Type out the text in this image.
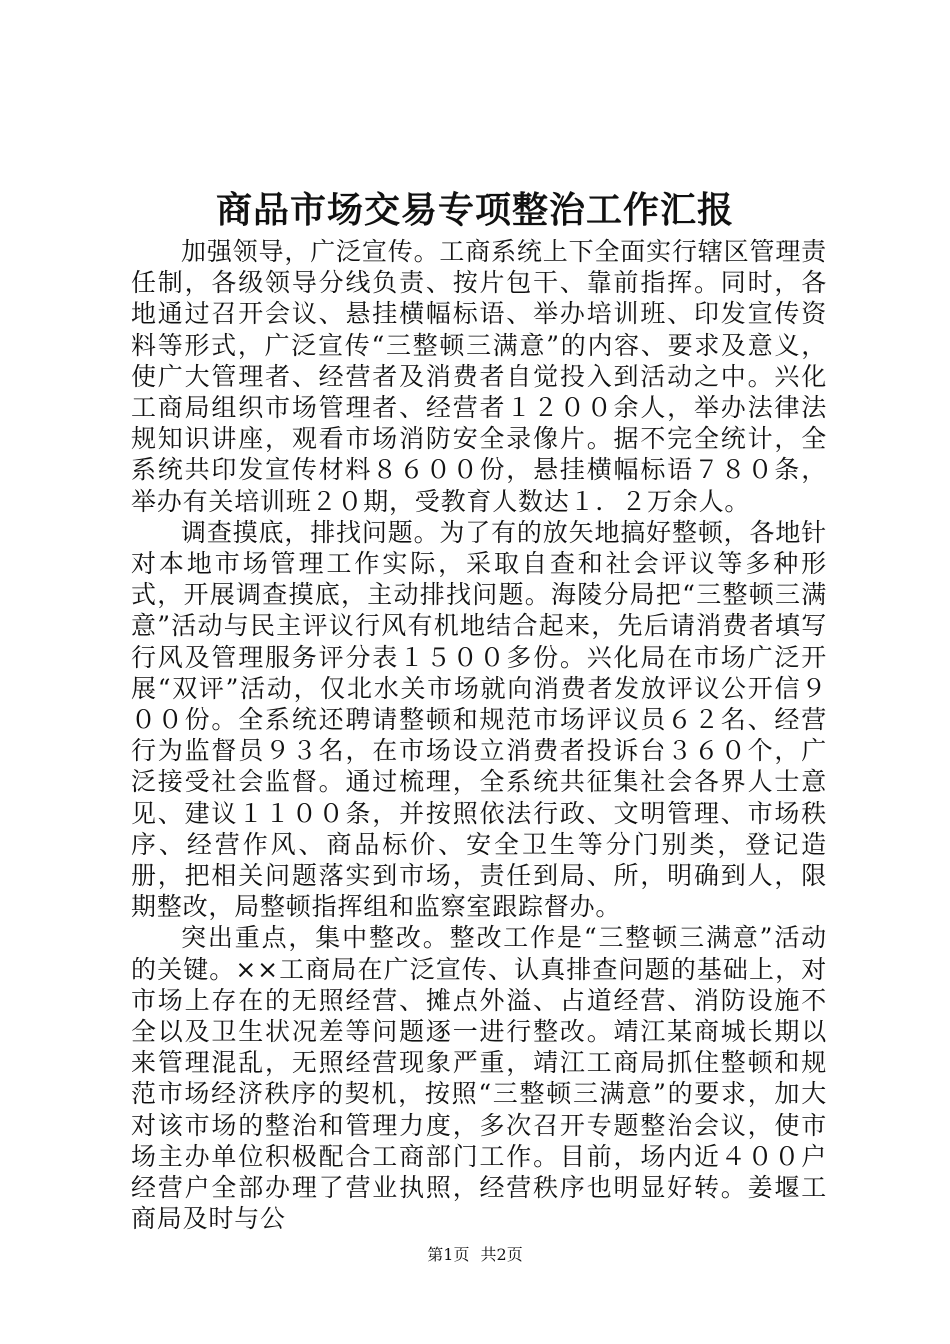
商品市场交易专项整治工作汇报

加强领导，广泛宣传。工商系统上下全面实行辖区管理责任制，各级领导分线负责、按片包干、靠前指挥。同时，各地通过召开会议、悬挂横幅标语、举办培训班、印发宣传资料等形式，广泛宣传“三整顿三满意”的内容、要求及意义，使广大管理者、经营者及消费者自觉投入到活动之中。兴化工商局组织市场管理者、经营者１２００余人，举办法律法规知识讲座，观看市场消防安全录像片。据不完全统计，全系统共印发宣传材料８６００份，悬挂横幅标语７８０条，举办有关培训班２０期，受教育人数达１．２万余人。

调查摸底，排找问题。为了有的放矢地搞好整顿，各地针对本地市场管理工作实际，采取自查和社会评议等多种形式，开展调查摸底，主动排找问题。海陵分局把“三整顿三满意”活动与民主评议行风有机地结合起来，先后请消费者填写行风及管理服务评分表１５００多份。兴化局在市场广泛开展“双评”活动，仅北水关市场就向消费者发放评议公开信９００份。全系统还聘请整顿和规范市场评议员６２名、经营行为监督员９３名，在市场设立消费者投诉台３６０个，广泛接受社会监督。通过梳理，全系统共征集社会各界人士意见、建议１１００条，并按照依法行政、文明管理、市场秩序、经营作风、商品标价、安全卫生等分门别类，登记造册，把相关问题落实到市场，责任到局、所，明确到人，限期整改，局整顿指挥组和监察室跟踪督办。

突出重点，集中整改。整改工作是“三整顿三满意”活动的关键。××工商局在广泛宣传、认真排查问题的基础上，对市场上存在的无照经营、摊点外溢、占道经营、消防设施不全以及卫生状况差等问题逐一进行整改。靖江某商城长期以来管理混乱，无照经营现象严重，靖江工商局抓住整顿和规范市场经济秩序的契机，按照“三整顿三满意”的要求，加大对该市场的整治和管理力度，多次召开专题整治会议，使市场主办单位积极配合工商部门工作。目前，场内近４００户经营户全部办理了营业执照，经营秩序也明显好转。姜堰工商局及时与公

第1页 共2页
